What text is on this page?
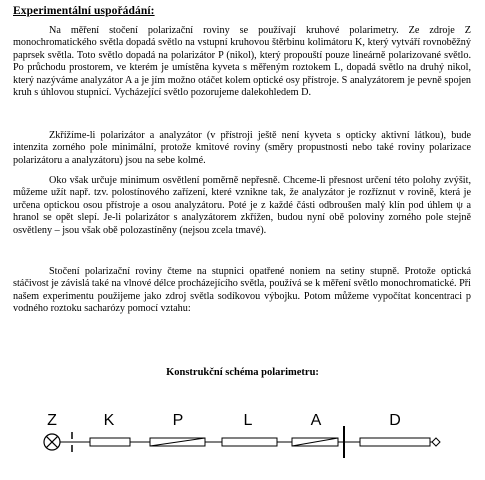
Experimentální uspořádání:

Na měření stočení polarizační roviny se používají kruhové polarimetry. Ze zdroje Z monochromatického světla dopadá světlo na vstupní kruhovou štěrbinu kolimátoru K, který vytváří rovnoběžný paprsek světla. Toto světlo dopadá na polarizátor P (nikol), který propouští pouze lineárně polarizované světlo. Po průchodu prostorem, ve kterém je umístěna kyveta s měřeným roztokem L, dopadá světlo na druhý nikol, který nazýváme analyzátor A a je jím možno otáčet kolem optické osy přístroje. S analyzátorem je pevně spojen kruh s úhlovou stupnicí. Vycházející světlo pozorujeme dalekohledem D.

Zkřížíme-li polarizátor a analyzátor (v přístroji ještě není kyveta s opticky aktivní látkou), bude intenzita zorného pole minimální, protože kmitové roviny (směry propustnosti nebo také roviny polarizace polarizátoru a analyzátoru) jsou na sebe kolmé.

Oko však určuje minimum osvětlení poměrně nepřesně. Chceme-li přesnost určení této polohy zvýšit, můžeme užít např. tzv. polostínového zařízení, které vznikne tak, že analyzátor je rozříznut v rovině, která je určena optickou osou přístroje a osou analyzátoru. Poté je z každé části odbroušen malý klín pod úhlem ψ a hranol se opět slepí. Je-li polarizátor s analyzátorem zkřížen, budou nyní obě poloviny zorného pole stejně osvětleny – jsou však obě polozastíněny (nejsou zcela tmavé).

Stočení polarizační roviny čteme na stupnici opatřené noniem na setiny stupně. Protože optická stáčivost je závislá také na vlnové délce procházejícího světla, používá se k měření světlo monochromatické. Při našem experimentu použijeme jako zdroj světla sodíkovou výbojku. Potom můžeme vypočítat koncentraci p vodného roztoku sacharózy pomocí vztahu:

Konstrukční schéma polarimetru:
Z	K	P	L	A	D
